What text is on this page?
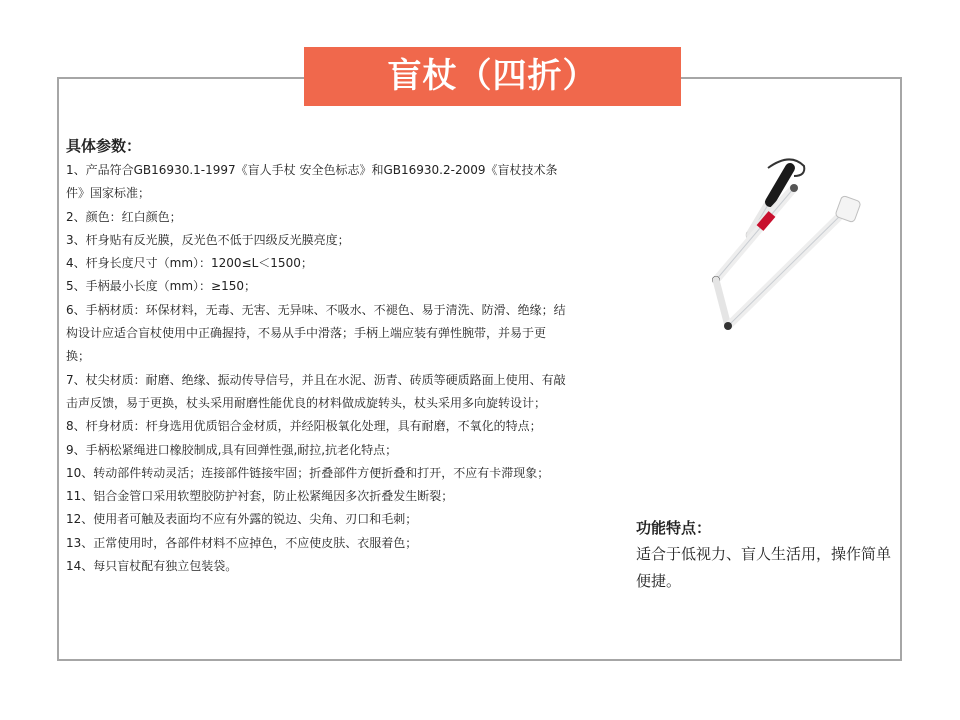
盲杖（四折）
具体参数：
1、产品符合GB16930.1-1997《盲人手杖 安全色标志》和GB16930.2-2009《盲杖技术条件》国家标准；
2、颜色：红白颜色；
3、杆身贴有反光膜，反光色不低于四级反光膜亮度；
4、杆身长度尺寸（mm）：1200≤L＜1500；
5、手柄最小长度（mm）：≥150；
6、手柄材质：环保材料，无毒、无害、无异味、不吸水、不褪色、易于清洗、防滑、绝缘；结构设计应适合盲杖使用中正确握持，不易从手中滑落；手柄上端应装有弹性腕带，并易于更换；
7、杖尖材质：耐磨、绝缘、振动传导信号，并且在水泥、沥青、砖质等硬质路面上使用、有敲击声反馈，易于更换，杖头采用耐磨性能优良的材料做成旋转头，杖头采用多向旋转设计；
8、杆身材质：杆身选用优质铝合金材质，并经阳极氧化处理，具有耐磨，不氧化的特点；
9、手柄松紧绳进口橡胶制成,具有回弹性强,耐拉,抗老化特点；
10、转动部件转动灵活；连接部件链接牢固；折叠部件方便折叠和打开，不应有卡滞现象；
11、铝合金管口采用软塑胶防护衬套，防止松紧绳因多次折叠发生断裂；
12、使用者可触及表面均不应有外露的锐边、尖角、刃口和毛刺；
13、正常使用时，各部件材料不应掉色，不应使皮肤、衣服着色；
14、每只盲杖配有独立包装袋。
功能特点：
适合于低视力、盲人生活用，操作简单便捷。
